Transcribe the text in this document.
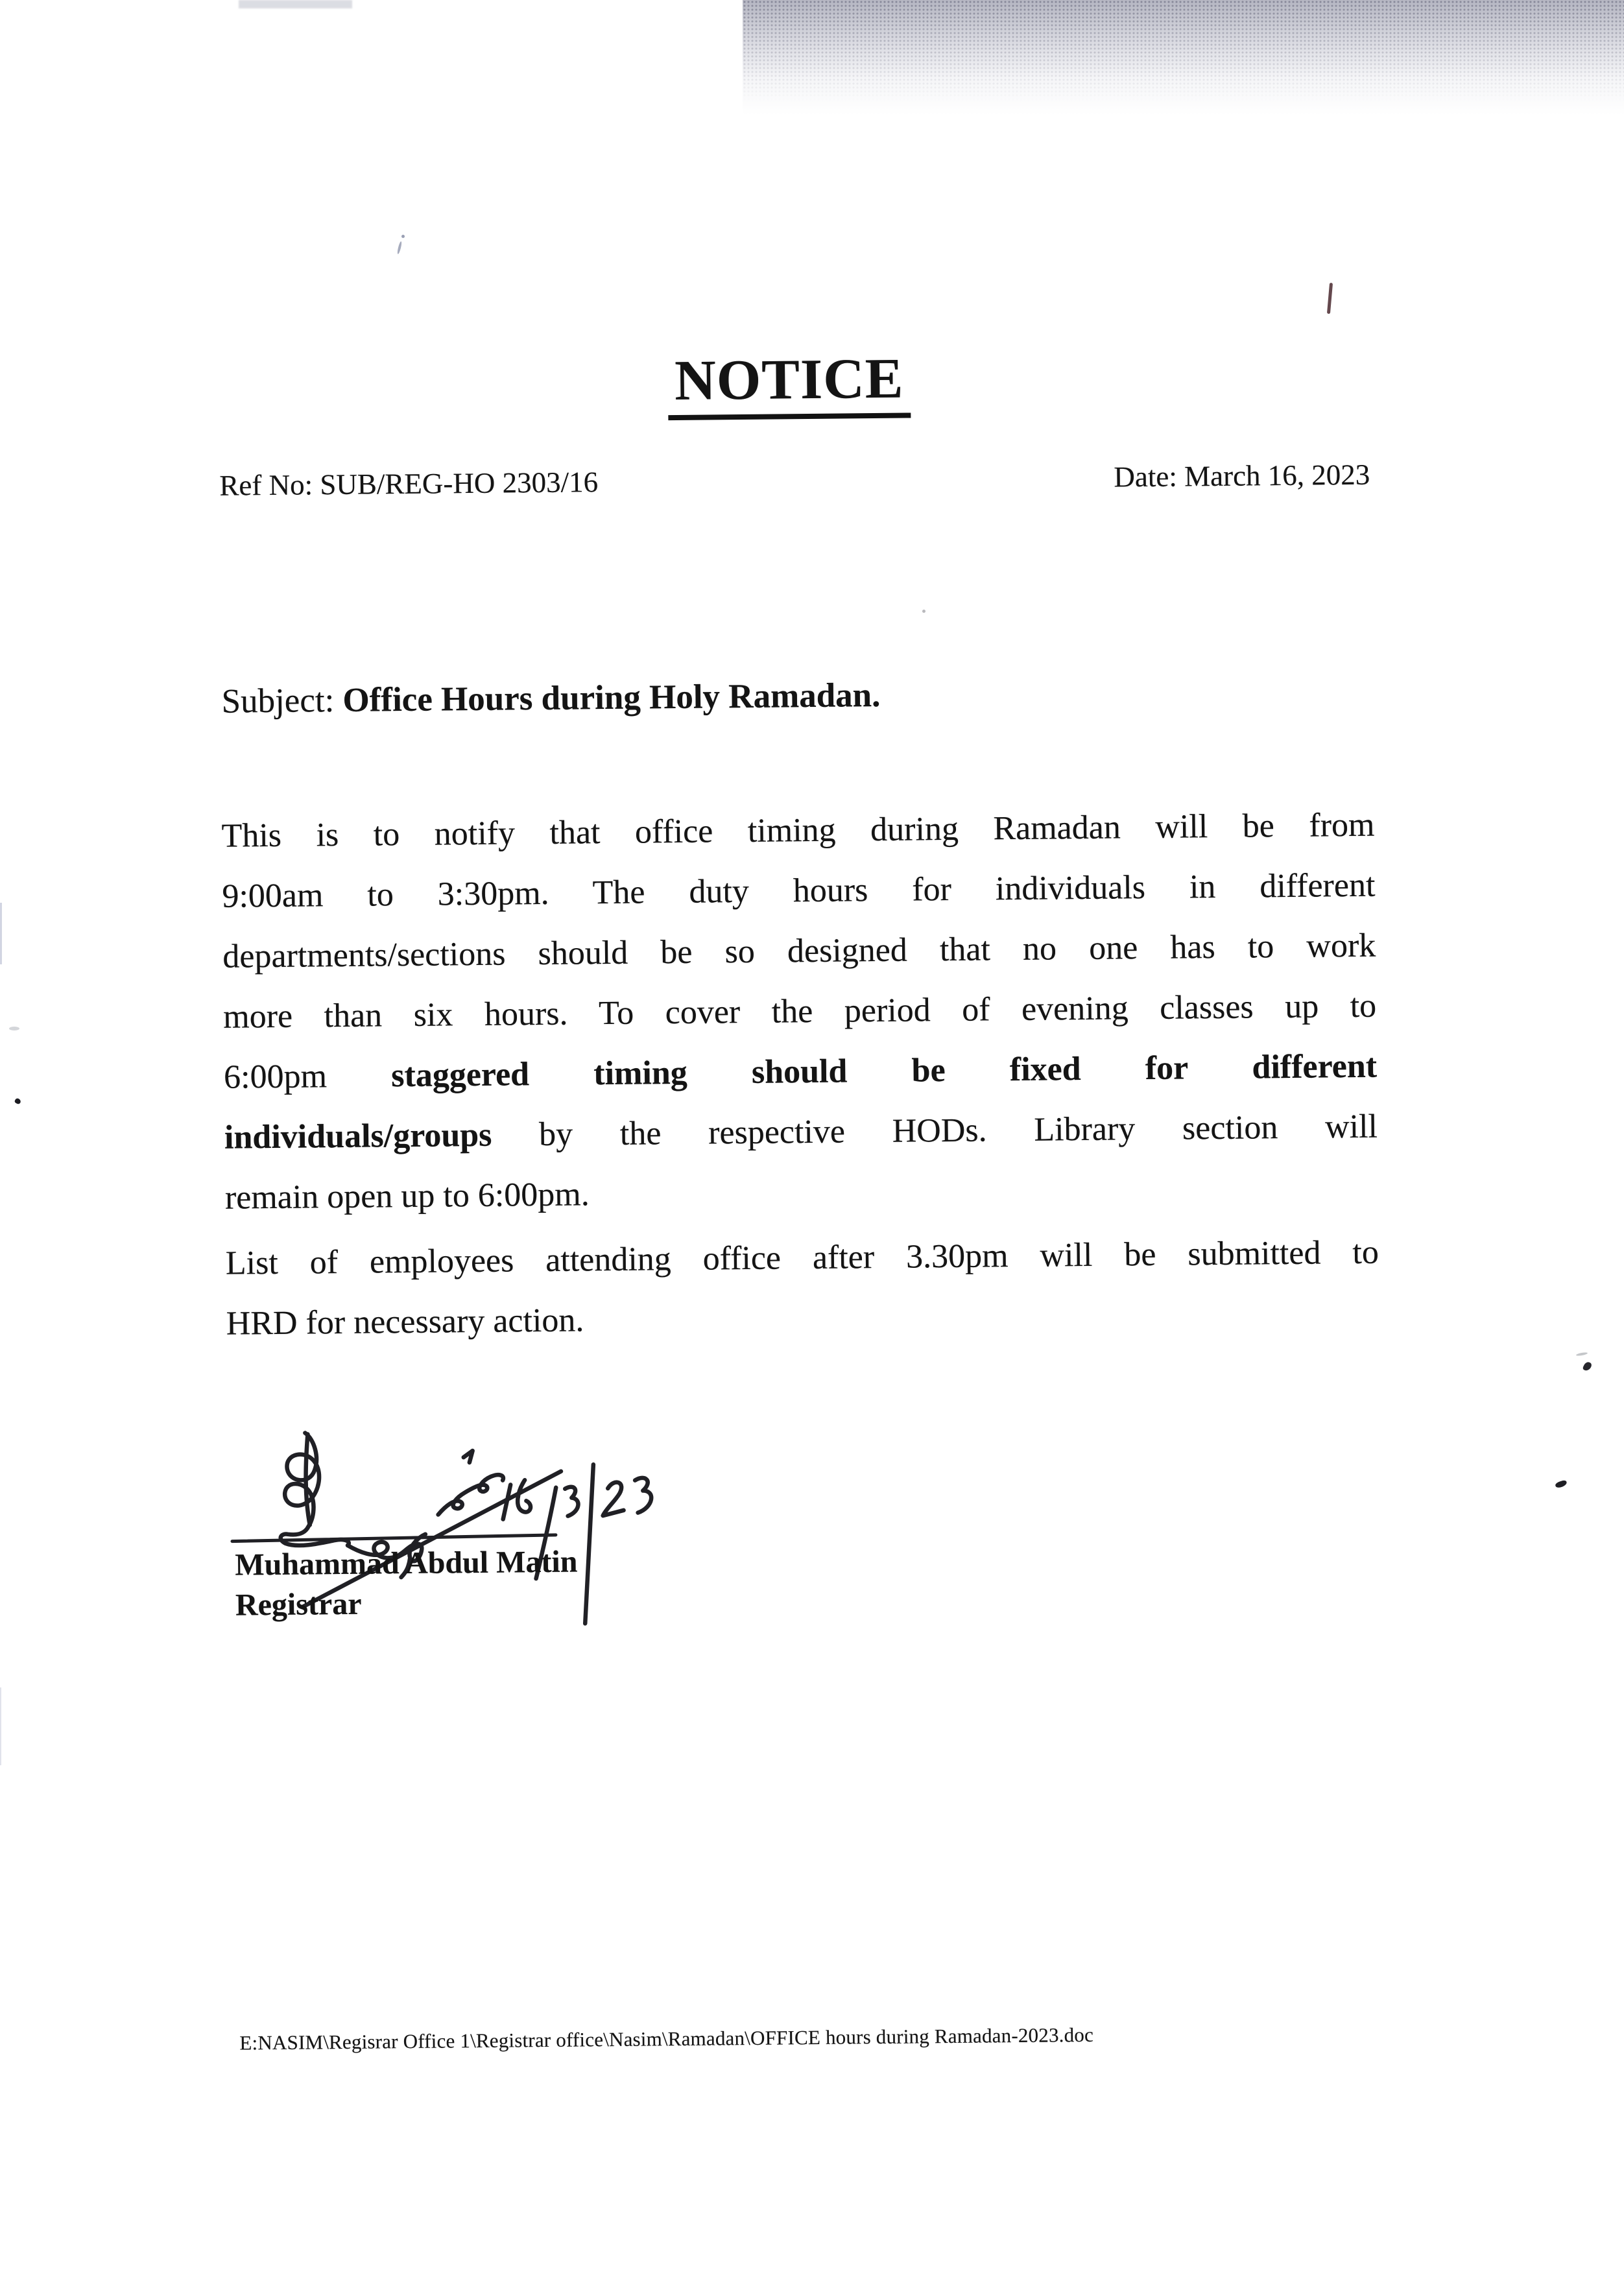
NOTICE
Ref No: SUB/REG-HO 2303/16	Date: March 16, 2023
Subject: Office Hours during Holy Ramadan.
This is to notify that office timing during Ramadan will be from
9:00am to 3:30pm. The duty hours for individuals in different
departments/sections should be so designed that no one has to work
more than six hours. To cover the period of evening classes up to
6:00pm staggered timing should be fixed for different
individuals/groups by the respective HODs. Library section will
remain open up to 6:00pm.
List of employees attending office after 3.30pm will be submitted to
HRD for necessary action.
Muhammad Abdul Matin
Registrar
E:NASIM\Regisrar Office 1\Registrar office\Nasim\Ramadan\OFFICE hours during Ramadan-2023.doc
